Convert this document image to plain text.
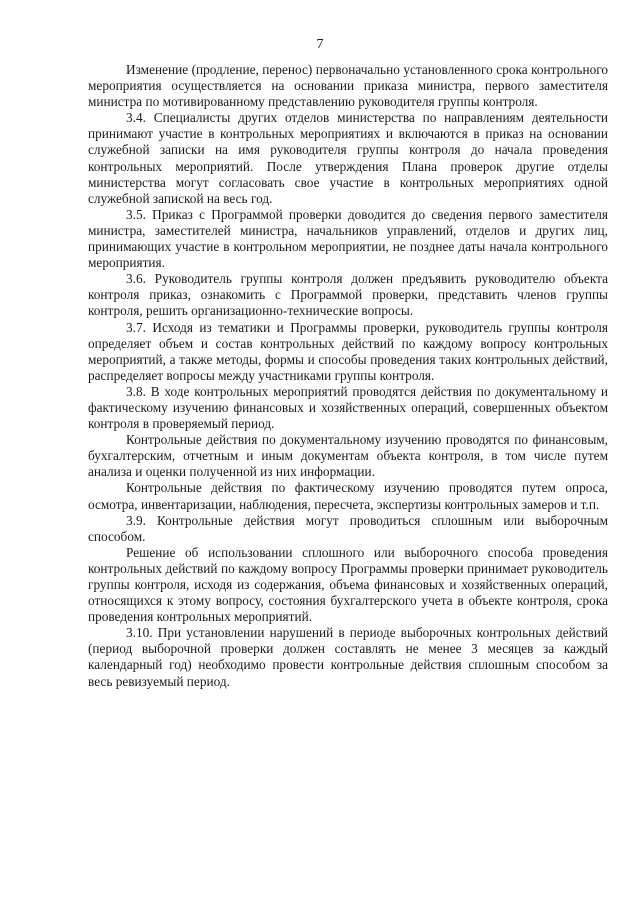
7

Изменение (продление, перенос) первоначально установленного срока контрольного мероприятия осуществляется на основании приказа министра, первого заместителя министра по мотивированному представлению руководителя группы контроля.

3.4. Специалисты других отделов министерства по направлениям деятельности принимают участие в контрольных мероприятиях и включаются в приказ на основании служебной записки на имя руководителя группы контроля до начала проведения контрольных мероприятий. После утверждения Плана проверок другие отделы министерства могут согласовать свое участие в контрольных мероприятиях одной служебной запиской на весь год.

3.5. Приказ с Программой проверки доводится до сведения первого заместителя министра, заместителей министра, начальников управлений, отделов и других лиц, принимающих участие в контрольном мероприятии, не позднее даты начала контрольного мероприятия.

3.6. Руководитель группы контроля должен предъявить руководителю объекта контроля приказ, ознакомить с Программой проверки, представить членов группы контроля, решить организационно-технические вопросы.

3.7. Исходя из тематики и Программы проверки, руководитель группы контроля определяет объем и состав контрольных действий по каждому вопросу контрольных мероприятий, а также методы, формы и способы проведения таких контрольных действий, распределяет вопросы между участниками группы контроля.

3.8. В ходе контрольных мероприятий проводятся действия по документальному и фактическому изучению финансовых и хозяйственных операций, совершенных объектом контроля в проверяемый период.

Контрольные действия по документальному изучению проводятся по финансовым, бухгалтерским, отчетным и иным документам объекта контроля, в том числе путем анализа и оценки полученной из них информации.

Контрольные действия по фактическому изучению проводятся путем опроса, осмотра, инвентаризации, наблюдения, пересчета, экспертизы контрольных замеров и т.п.

3.9. Контрольные действия могут проводиться сплошным или выборочным способом.

Решение об использовании сплошного или выборочного способа проведения контрольных действий по каждому вопросу Программы проверки принимает руководитель группы контроля, исходя из содержания, объема финансовых и хозяйственных операций, относящихся к этому вопросу, состояния бухгалтерского учета в объекте контроля, срока проведения контрольных мероприятий.

3.10. При установлении нарушений в периоде выборочных контрольных действий (период выборочной проверки должен составлять не менее 3 месяцев за каждый календарный год) необходимо провести контрольные действия сплошным способом за весь ревизуемый период.
